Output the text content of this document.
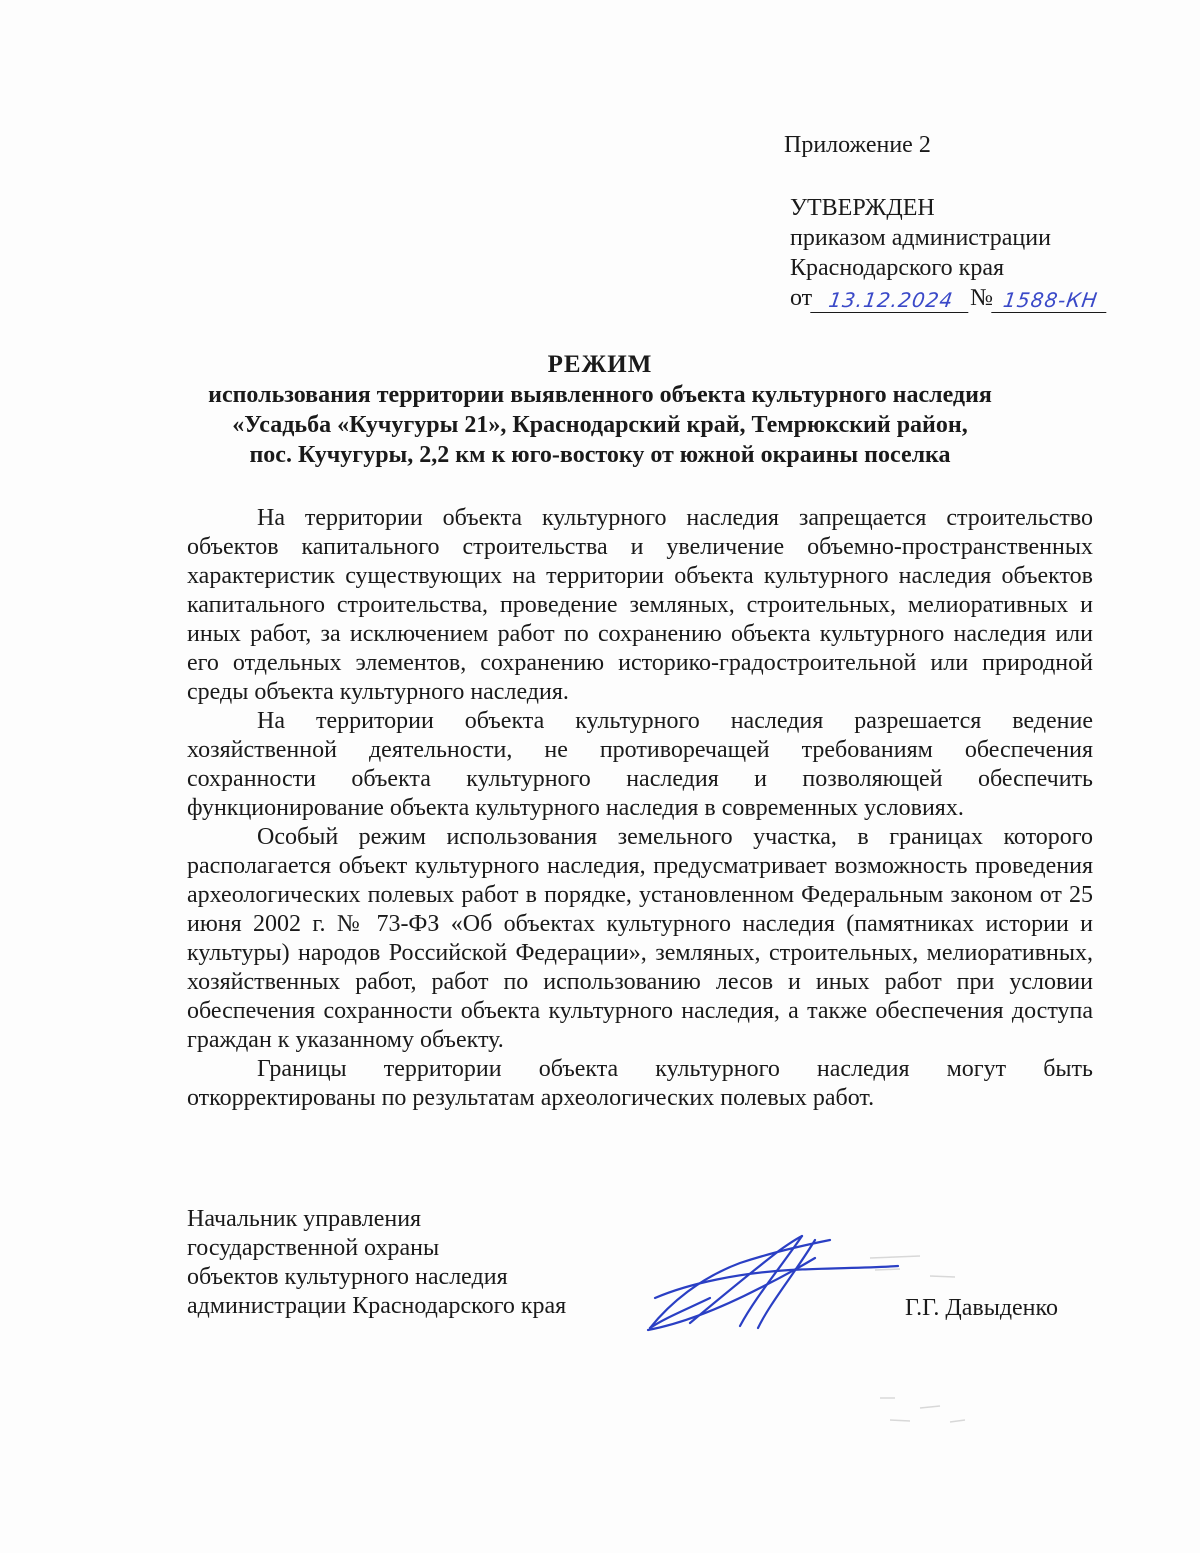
Приложение 2
УТВЕРЖДЕН
приказом администрации
Краснодарского края
от 13.12.2024 № 1588-КН
РЕЖИМ
использования территории выявленного объекта культурного наследия
«Усадьба «Кучугуры 21», Краснодарский край, Темрюкский район,
пос. Кучугуры, 2,2 км к юго-востоку от южной окраины поселка

На территории объекта культурного наследия запрещается строительство объектов капитального строительства и увеличение объемно-пространственных характеристик существующих на территории объекта культурного наследия объектов капитального строительства, проведение земляных, строительных, мелиоративных и иных работ, за исключением работ по сохранению объекта культурного наследия или его отдельных элементов, сохранению историко-градостроительной или природной среды объекта культурного наследия.

На территории объекта культурного наследия разрешается ведение хозяйственной деятельности, не противоречащей требованиям обеспечения сохранности объекта культурного наследия и позволяющей обеспечить функционирование объекта культурного наследия в современных условиях.

Особый режим использования земельного участка, в границах которого располагается объект культурного наследия, предусматривает возможность проведения археологических полевых работ в порядке, установленном Федеральным законом от 25 июня 2002 г. № 73-ФЗ «Об объектах культурного наследия (памятниках истории и культуры) народов Российской Федерации», земляных, строительных, мелиоративных, хозяйственных работ, работ по использованию лесов и иных работ при условии обеспечения сохранности объекта культурного наследия, а также обеспечения доступа граждан к указанному объекту.

Границы территории объекта культурного наследия могут быть откорректированы по результатам археологических полевых работ.

Начальник управления
государственной охраны
объектов культурного наследия
администрации Краснодарского края	Г.Г. Давыденко
